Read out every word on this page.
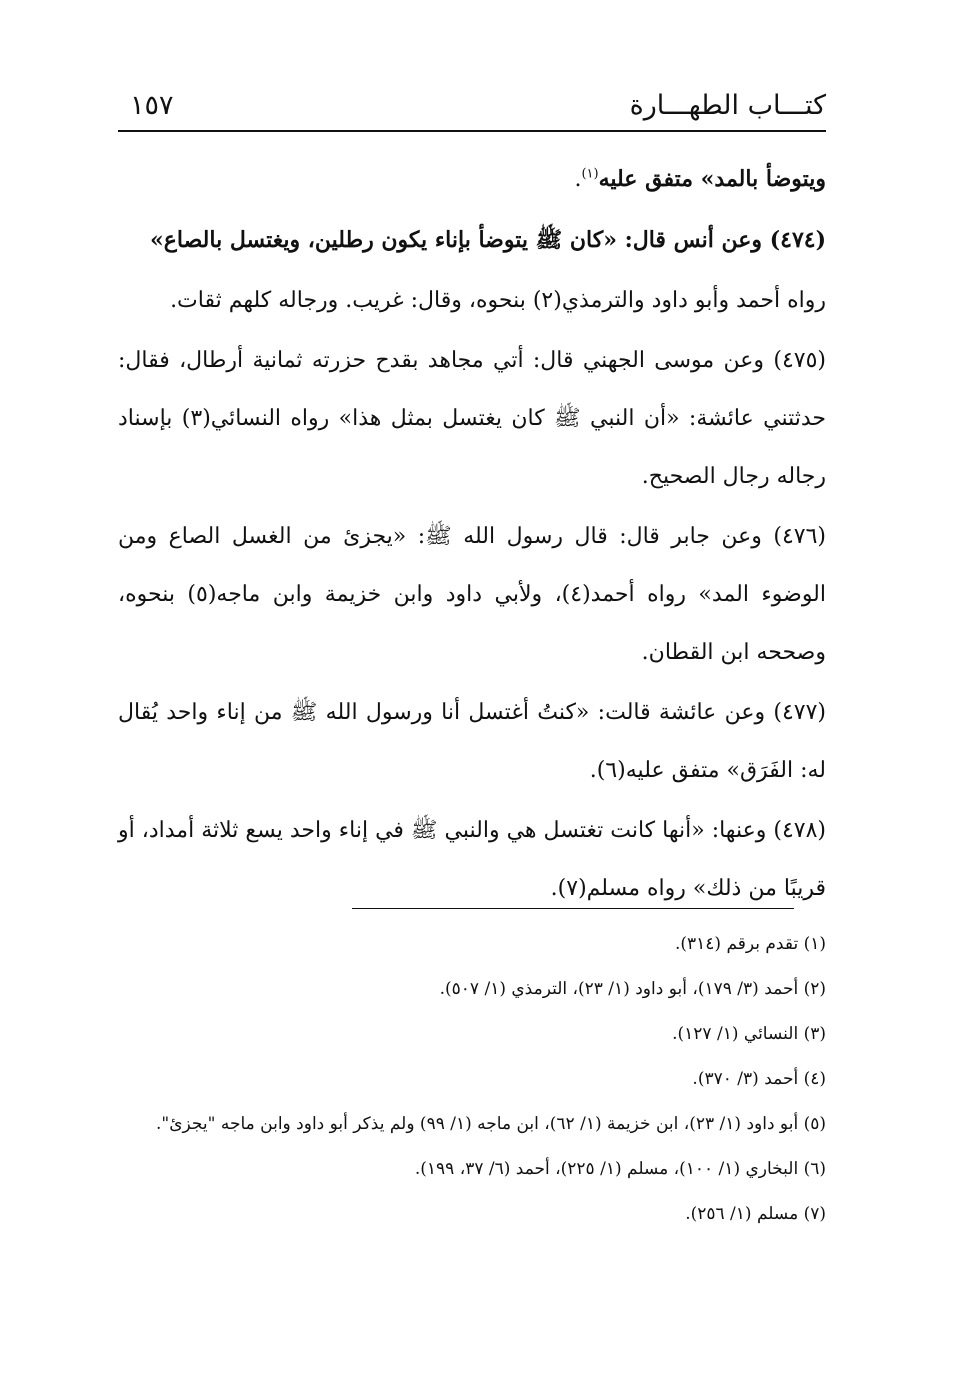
كتـــاب الطهـــارة
١٥٧

ويتوضأ بالمد» متفق عليه$^{(١)}$.

(٤٧٤) وعن أنس قال: «كان ﷺ يتوضأ بإناء يكون رطلين، ويغتسل بالصاع»

رواه أحمد وأبو داود والترمذي(٢) بنحوه، وقال: غريب. ورجاله كلهم ثقات.

(٤٧٥) وعن موسى الجهني قال: أتي مجاهد بقدح حزرته ثمانية أرطال، فقال: حدثتني عائشة: «أن النبي ﷺ كان يغتسل بمثل هذا» رواه النسائي(٣) بإسناد رجاله رجال الصحيح.

(٤٧٦) وعن جابر قال: قال رسول الله ﷺ: «يجزئ من الغسل الصاع ومن الوضوء المد» رواه أحمد(٤)، ولأبي داود وابن خزيمة وابن ماجه(٥) بنحوه، وصححه ابن القطان.

(٤٧٧) وعن عائشة قالت: «كنتُ أغتسل أنا ورسول الله ﷺ من إناء واحد يُقال له: الفَرَق» متفق عليه(٦).

(٤٧٨) وعنها: «أنها كانت تغتسل هي والنبي ﷺ في إناء واحد يسع ثلاثة أمداد، أو قريبًا من ذلك» رواه مسلم(٧).

(١) تقدم برقم (٣١٤).

(٢) أحمد (٣/ ١٧٩)، أبو داود (١/ ٢٣)، الترمذي (١/ ٥٠٧).

(٣) النسائي (١/ ١٢٧).

(٤) أحمد (٣/ ٣٧٠).

(٥) أبو داود (١/ ٢٣)، ابن خزيمة (١/ ٦٢)، ابن ماجه (١/ ٩٩) ولم يذكر أبو داود وابن ماجه "يجزئ".

(٦) البخاري (١/ ١٠٠)، مسلم (١/ ٢٢٥)، أحمد (٦/ ٣٧، ١٩٩).

(٧) مسلم (١/ ٢٥٦).
